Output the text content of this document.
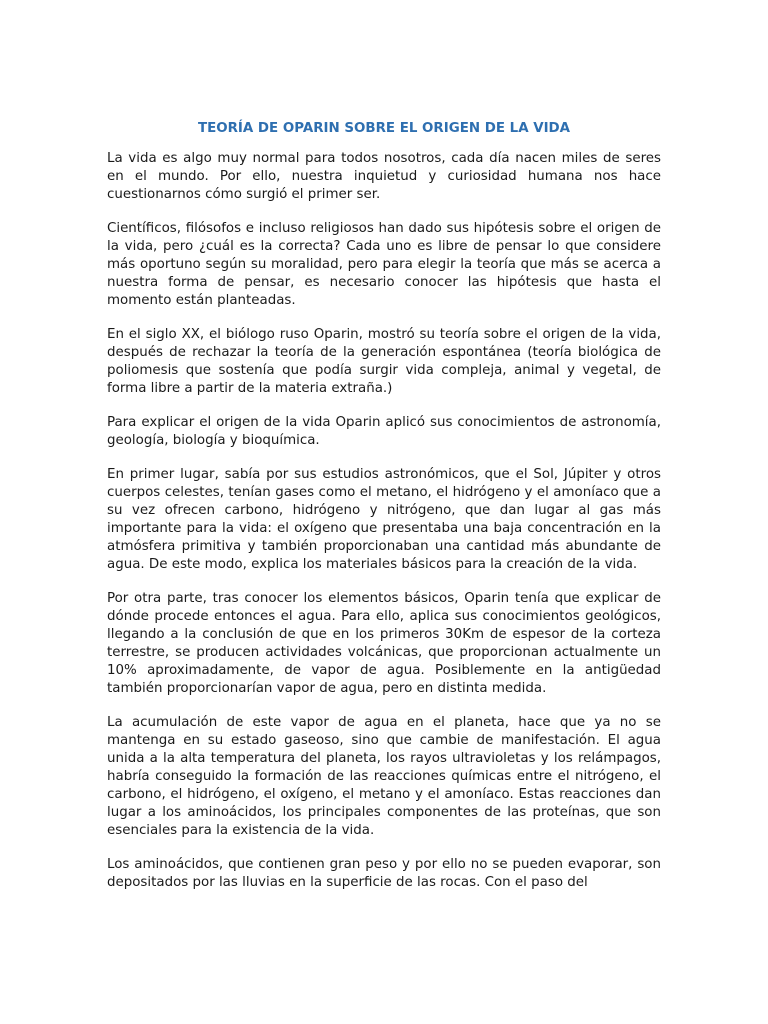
TEORÍA DE OPARIN SOBRE EL ORIGEN DE LA VIDA

La vida es algo muy normal para todos nosotros, cada día nacen miles de seres en el mundo. Por ello, nuestra inquietud y curiosidad humana nos hace cuestionarnos cómo surgió el primer ser.

Científicos, filósofos e incluso religiosos han dado sus hipótesis sobre el origen de la vida, pero ¿cuál es la correcta? Cada uno es libre de pensar lo que considere más oportuno según su moralidad, pero para elegir la teoría que más se acerca a nuestra forma de pensar, es necesario conocer las hipótesis que hasta el momento están planteadas.

En el siglo XX, el biólogo ruso Oparin, mostró su teoría sobre el origen de la vida, después de rechazar la teoría de la generación espontánea (teoría biológica de poliomesis que sostenía que podía surgir vida compleja, animal y vegetal, de forma libre a partir de la materia extraña.)

Para explicar el origen de la vida Oparin aplicó sus conocimientos de astronomía, geología, biología y bioquímica.

En primer lugar, sabía por sus estudios astronómicos, que el Sol, Júpiter y otros cuerpos celestes, tenían gases como el metano, el hidrógeno y el amoníaco que a su vez ofrecen carbono, hidrógeno y nitrógeno, que dan lugar al gas más importante para la vida: el oxígeno que presentaba una baja concentración en la atmósfera primitiva y también proporcionaban una cantidad más abundante de agua. De este modo, explica los materiales básicos para la creación de la vida.

Por otra parte, tras conocer los elementos básicos, Oparin tenía que explicar de dónde procede entonces el agua. Para ello, aplica sus conocimientos geológicos, llegando a la conclusión de que en los primeros 30Km de espesor de la corteza terrestre, se producen actividades volcánicas, que proporcionan actualmente un 10% aproximadamente, de vapor de agua. Posiblemente en la antigüedad también proporcionarían vapor de agua, pero en distinta medida.

La acumulación de este vapor de agua en el planeta, hace que ya no se mantenga en su estado gaseoso, sino que cambie de manifestación. El agua unida a la alta temperatura del planeta, los rayos ultravioletas y los relámpagos, habría conseguido la formación de las reacciones químicas entre el nitrógeno, el carbono, el hidrógeno, el oxígeno, el metano y el amoníaco. Estas reacciones dan lugar a los aminoácidos, los principales componentes de las proteínas, que son esenciales para la existencia de la vida.

Los aminoácidos, que contienen gran peso y por ello no se pueden evaporar, son depositados por las lluvias en la superficie de las rocas. Con el paso del
